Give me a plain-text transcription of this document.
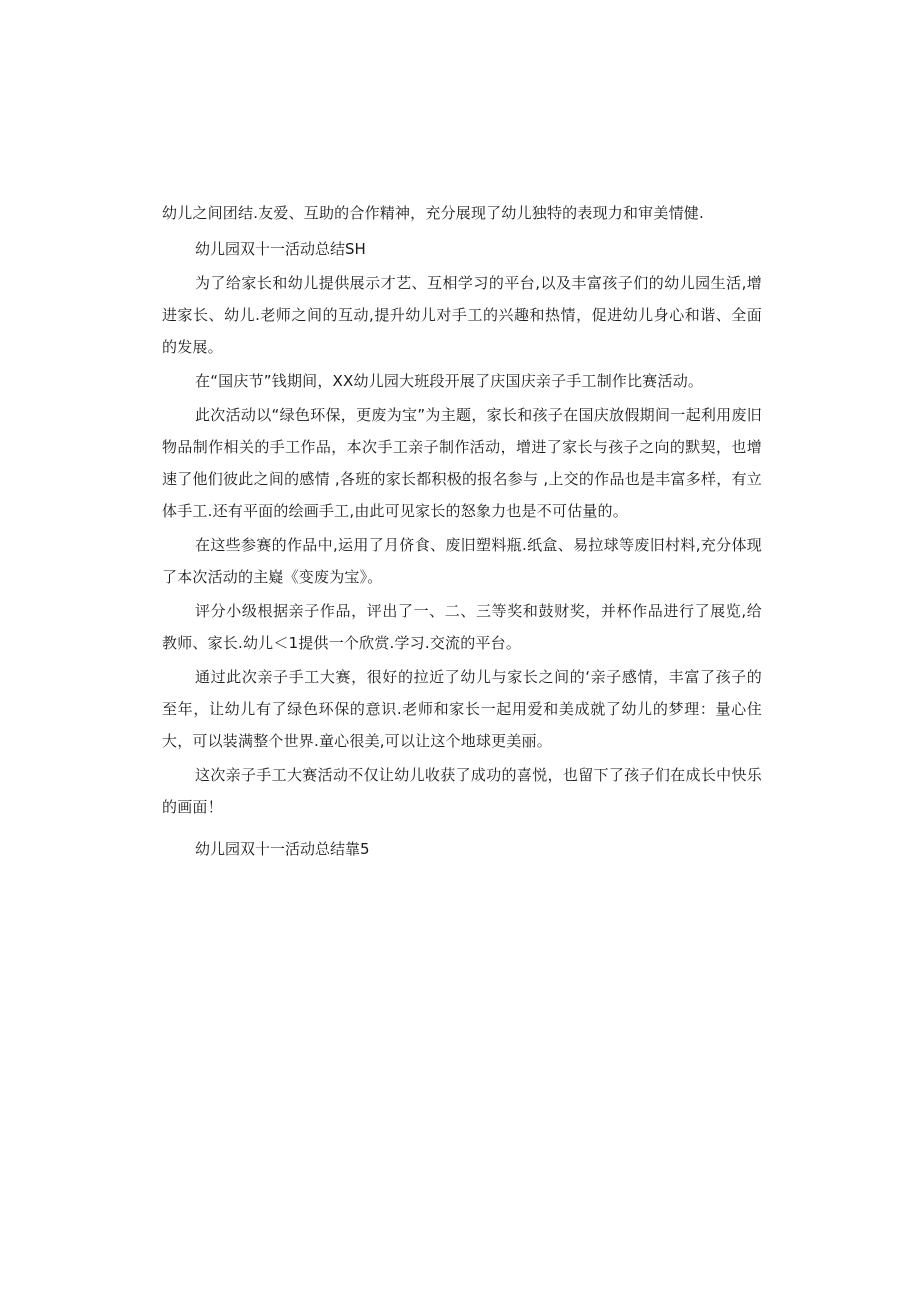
幼儿之间团结.友爱、互助的合作精神，充分展现了幼儿独特的表现力和审美情健.

幼儿园双十一活动总结SH

为了给家长和幼儿提供展示才艺、互相学习的平台,以及丰富孩子们的幼儿园生活,增进家长、幼儿.老师之间的互动,提升幼儿对手工的兴趣和热情，促进幼儿身心和谐、全面的发展。

在“国庆节”钱期间，XX幼儿园大班段开展了庆国庆亲子手工制作比赛活动。

此次活动以“绿色环保，更废为宝”为主题，家长和孩子在国庆放假期间一起利用废旧物品制作相关的手工作品，本次手工亲子制作活动，增进了家长与孩子之向的默契，也增速了他们彼此之间的感情 ,各班的家长都积极的报名参与 ,上交的作品也是丰富多样，有立体手工.还有平面的绘画手工,由此可见家长的怒象力也是不可估量的。

在这些参赛的作品中,运用了月侪食、废旧塑料瓶.纸盒、易拉球等废旧村料,充分体现了本次活动的主嶷《变废为宝》。

评分小级根据亲子作品，评出了一、二、三等奖和鼓财奖，并杯作品进行了展览,给教师、家长.幼儿＜1提供一个欣赏.学习.交流的平台。

通过此次亲子手工大赛，很好的拉近了幼儿与家长之间的‘亲子感情，丰富了孩子的至年，让幼儿有了绿色环保的意识.老师和家长一起用爱和美成就了幼儿的梦理：量心住大，可以装满整个世界.童心很美,可以让这个地球更美丽。

这次亲子手工大赛活动不仅让幼儿收获了成功的喜悦，也留下了孩子们在成长中快乐的画面！

幼儿园双十一活动总结靠5
